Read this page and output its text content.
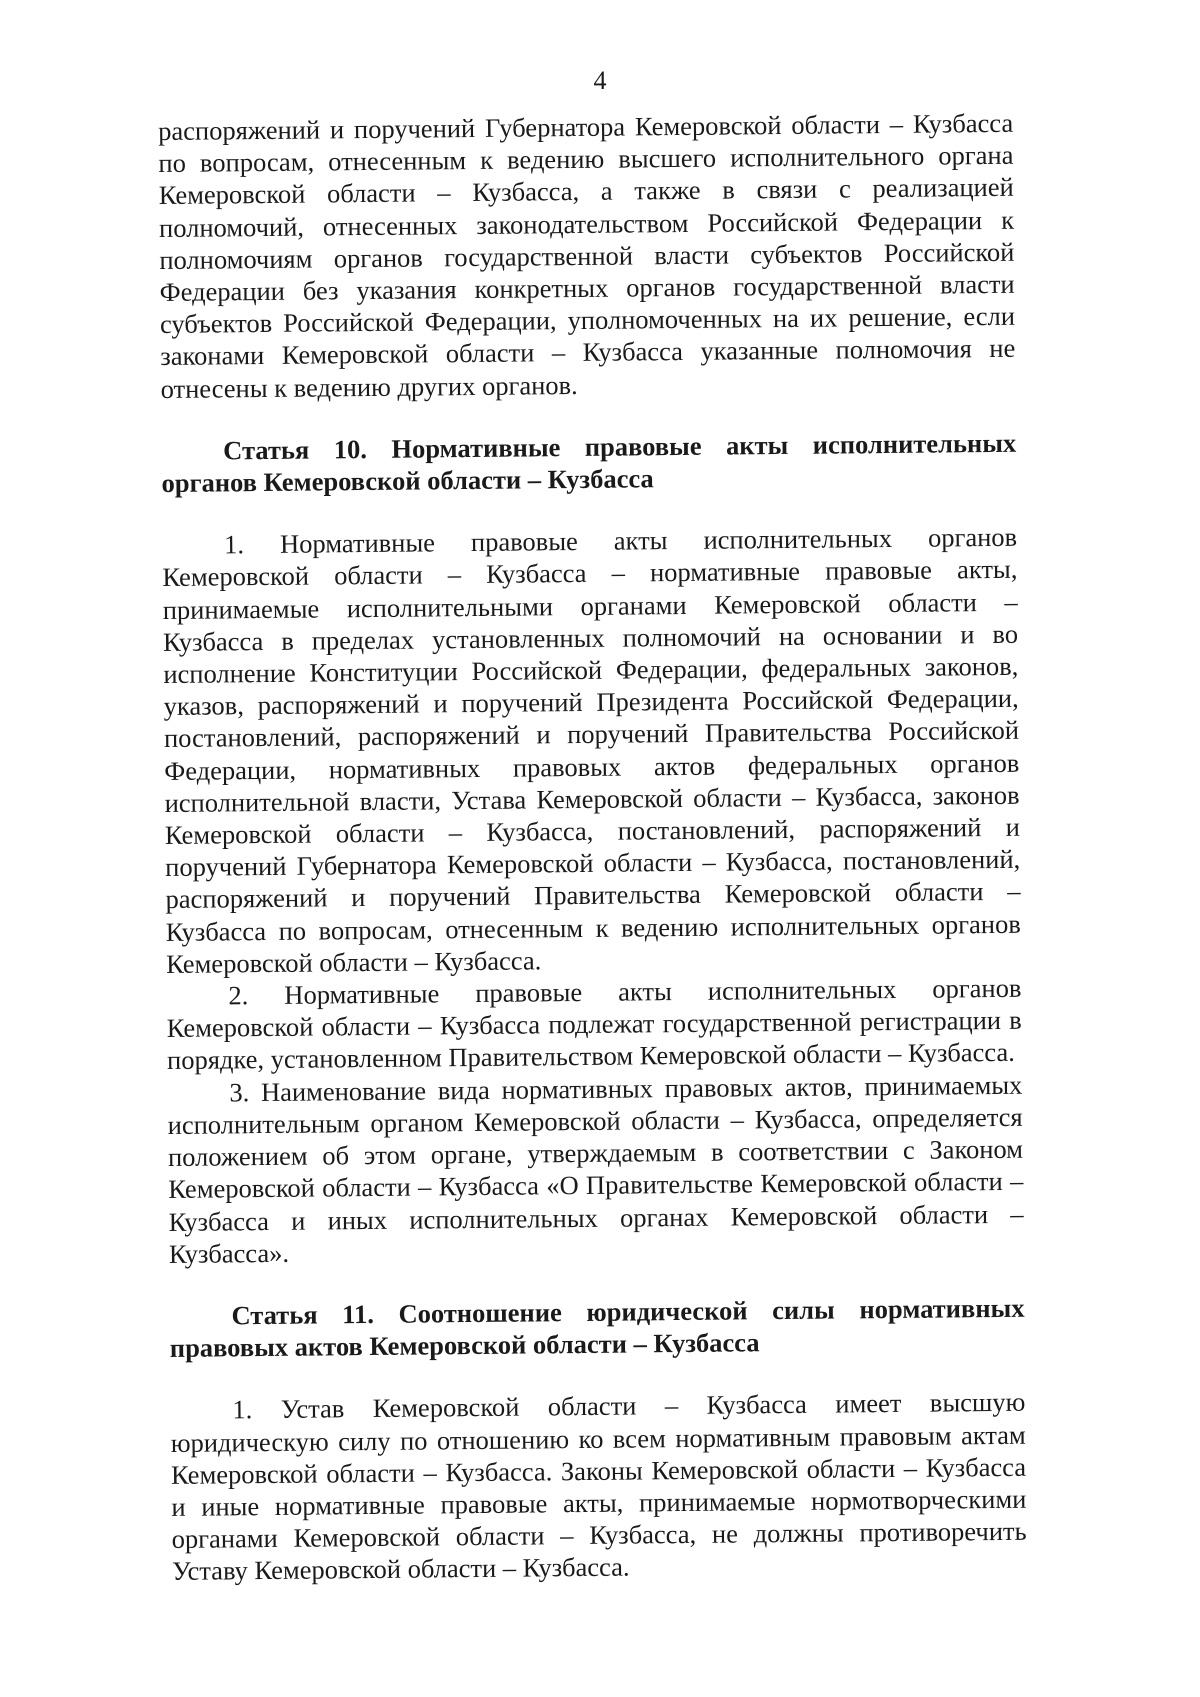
4

распоряжений и поручений Губернатора Кемеровской области – Кузбасса по вопросам, отнесенным к ведению высшего исполнительного органа Кемеровской области – Кузбасса, а также в связи с реализацией полномочий, отнесенных законодательством Российской Федерации к полномочиям органов государственной власти субъектов Российской Федерации без указания конкретных органов государственной власти субъектов Российской Федерации, уполномоченных на их решение, если законами Кемеровской области – Кузбасса указанные полномочия не отнесены к ведению других органов.

Статья 10. Нормативные правовые акты исполнительных органов Кемеровской области – Кузбасса

1. Нормативные правовые акты исполнительных органов Кемеровской области – Кузбасса – нормативные правовые акты, принимаемые исполнительными органами Кемеровской области – Кузбасса в пределах установленных полномочий на основании и во исполнение Конституции Российской Федерации, федеральных законов, указов, распоряжений и поручений Президента Российской Федерации, постановлений, распоряжений и поручений Правительства Российской Федерации, нормативных правовых актов федеральных органов исполнительной власти, Устава Кемеровской области – Кузбасса, законов Кемеровской области – Кузбасса, постановлений, распоряжений и поручений Губернатора Кемеровской области – Кузбасса, постановлений, распоряжений и поручений Правительства Кемеровской области – Кузбасса по вопросам, отнесенным к ведению исполнительных органов Кемеровской области – Кузбасса.

2. Нормативные правовые акты исполнительных органов Кемеровской области – Кузбасса подлежат государственной регистрации в порядке, установленном Правительством Кемеровской области – Кузбасса.

3. Наименование вида нормативных правовых актов, принимаемых исполнительным органом Кемеровской области – Кузбасса, определяется положением об этом органе, утверждаемым в соответствии с Законом Кемеровской области – Кузбасса «О Правительстве Кемеровской области – Кузбасса и иных исполнительных органах Кемеровской области – Кузбасса».

Статья 11. Соотношение юридической силы нормативных правовых актов Кемеровской области – Кузбасса

1. Устав Кемеровской области – Кузбасса имеет высшую юридическую силу по отношению ко всем нормативным правовым актам Кемеровской области – Кузбасса. Законы Кемеровской области – Кузбасса и иные нормативные правовые акты, принимаемые нормотворческими органами Кемеровской области – Кузбасса, не должны противоречить Уставу Кемеровской области – Кузбасса.
